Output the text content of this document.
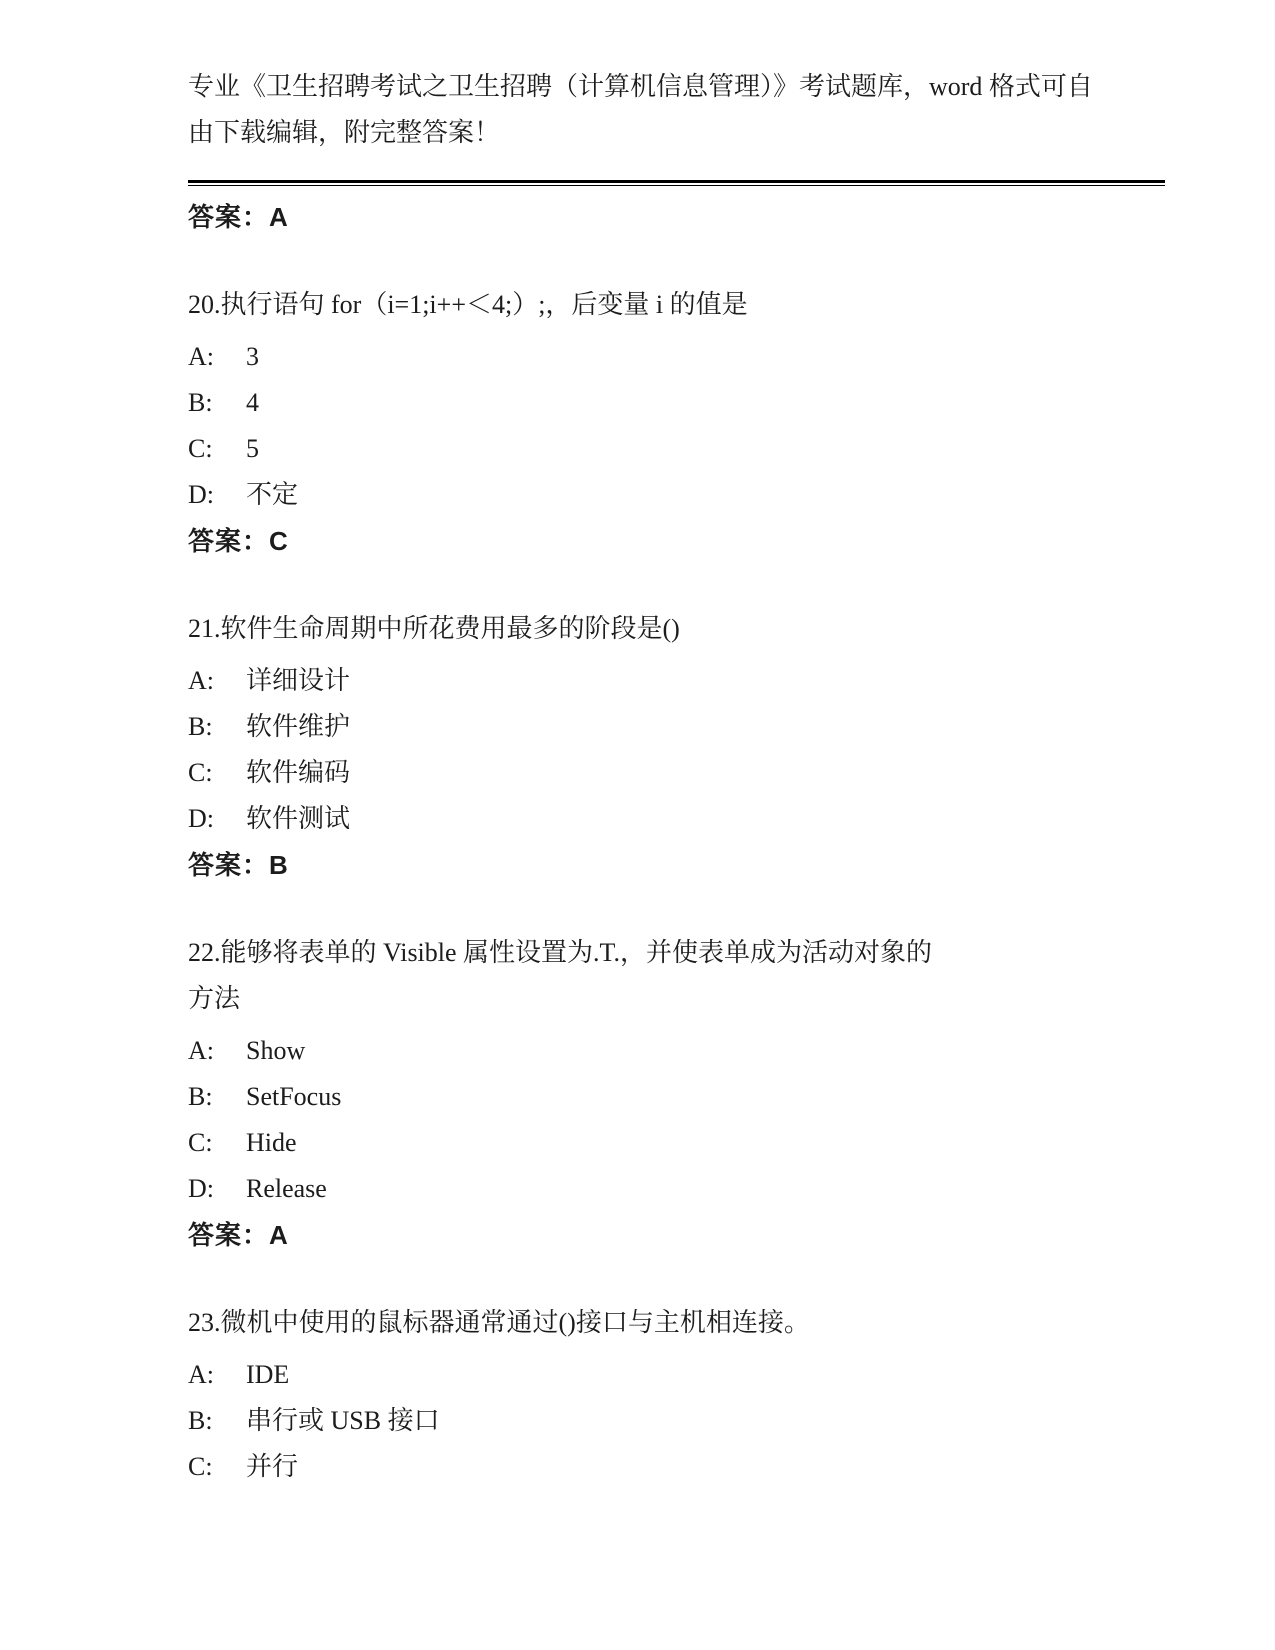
专业《卫生招聘考试之卫生招聘（计算机信息管理）》考试题库，word 格式可自
由下载编辑，附完整答案！
答案：A
20.执行语句 for（i=1;i++＜4;）;，后变量 i 的值是
A: 3
B: 4
C: 5
D: 不定
答案：C
21.软件生命周期中所花费用最多的阶段是()
A: 详细设计
B: 软件维护
C: 软件编码
D: 软件测试
答案：B
22.能够将表单的 Visible 属性设置为.T.，并使表单成为活动对象的
方法
A: Show
B: SetFocus
C: Hide
D: Release
答案：A
23.微机中使用的鼠标器通常通过()接口与主机相连接。
A: IDE
B: 串行或 USB 接口
C: 并行
